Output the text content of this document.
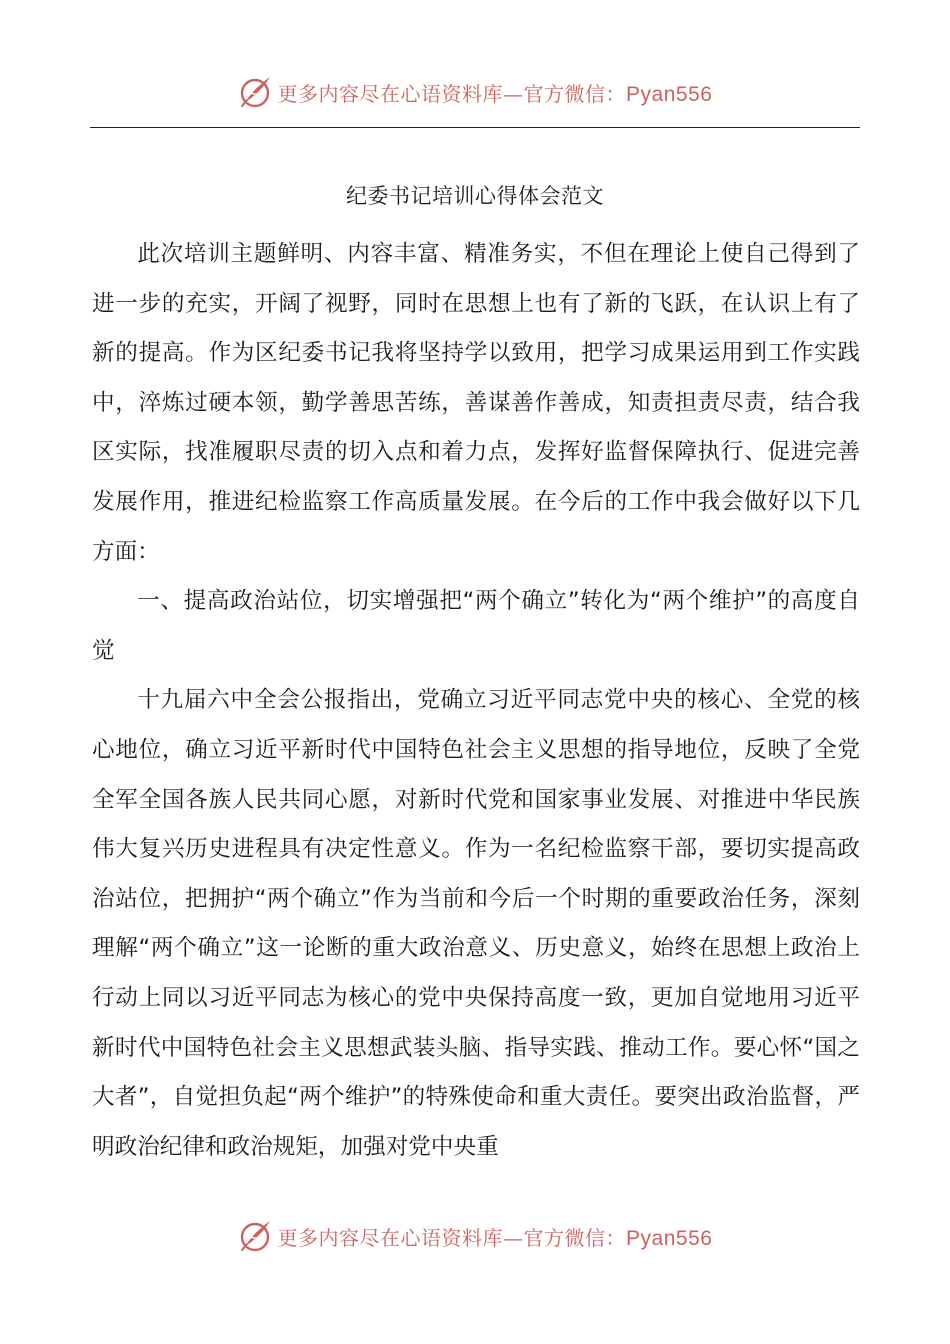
更多内容尽在心语资料库—官方微信：Pyan556
纪委书记培训心得体会范文

此次培训主题鲜明、内容丰富、精准务实，不但在理论上使自己得到了进一步的充实，开阔了视野，同时在思想上也有了新的飞跃，在认识上有了新的提高。作为区纪委书记我将坚持学以致用，把学习成果运用到工作实践中，淬炼过硬本领，勤学善思苦练，善谋善作善成，知责担责尽责，结合我区实际，找准履职尽责的切入点和着力点，发挥好监督保障执行、促进完善发展作用，推进纪检监察工作高质量发展。在今后的工作中我会做好以下几方面：

一、提高政治站位，切实增强把“两个确立”转化为“两个维护”的高度自觉

十九届六中全会公报指出，党确立习近平同志党中央的核心、全党的核心地位，确立习近平新时代中国特色社会主义思想的指导地位，反映了全党全军全国各族人民共同心愿，对新时代党和国家事业发展、对推进中华民族伟大复兴历史进程具有决定性意义。作为一名纪检监察干部，要切实提高政治站位，把拥护“两个确立”作为当前和今后一个时期的重要政治任务，深刻理解“两个确立”这一论断的重大政治意义、历史意义，始终在思想上政治上行动上同以习近平同志为核心的党中央保持高度一致，更加自觉地用习近平新时代中国特色社会主义思想武装头脑、指导实践、推动工作。要心怀“国之大者”，自觉担负起“两个维护”的特殊使命和重大责任。要突出政治监督，严明政治纪律和政治规矩，加强对党中央重

更多内容尽在心语资料库—官方微信：Pyan556
